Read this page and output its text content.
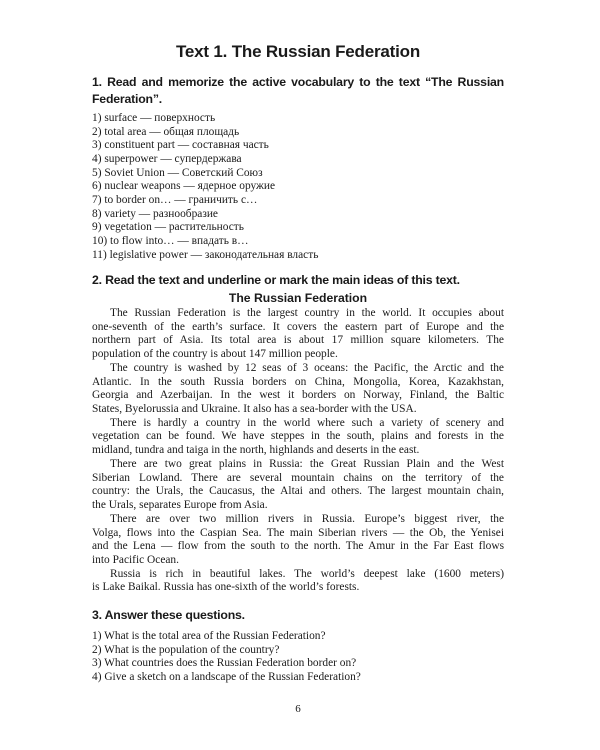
Text 1. The Russian Federation
1. Read and memorize the active vocabulary to the text “The Russian
Federation”.
1) surface — поверхность
2) total area — общая площадь
3) constituent part — составная часть
4) superpower — супердержава
5) Soviet Union — Советский Союз
6) nuclear weapons — ядерное оружие
7) to border on… — граничить с…
8) variety — разнообразие
9) vegetation — растительность
10) to flow into… — впадать в…
11) legislative power — законодательная власть
2. Read the text and underline or mark the main ideas of this text.
The Russian Federation
The Russian Federation is the largest country in the world. It occupies about
one-seventh of the earth’s surface. It covers the eastern part of Europe and the
northern part of Asia. Its total area is about 17 million square kilometers. The
population of the country is about 147 million people.
The country is washed by 12 seas of 3 oceans: the Pacific, the Arctic and the
Atlantic. In the south Russia borders on China, Mongolia, Korea, Kazakhstan,
Georgia and Azerbaijan. In the west it borders on Norway, Finland, the Baltic
States, Byelorussia and Ukraine. It also has a sea-border with the USA.
There is hardly a country in the world where such a variety of scenery and
vegetation can be found. We have steppes in the south, plains and forests in the
midland, tundra and taiga in the north, highlands and deserts in the east.
There are two great plains in Russia: the Great Russian Plain and the West
Siberian Lowland. There are several mountain chains on the territory of the
country: the Urals, the Caucasus, the Altai and others. The largest mountain chain,
the Urals, separates Europe from Asia.
There are over two million rivers in Russia. Europe’s biggest river, the
Volga, flows into the Caspian Sea. The main Siberian rivers — the Ob, the Yenisei
and the Lena — flow from the south to the north. The Amur in the Far East flows
into Pacific Ocean.
Russia is rich in beautiful lakes. The world’s deepest lake (1600 meters)
is Lake Baikal. Russia has one-sixth of the world’s forests.
3. Answer these questions.
1) What is the total area of the Russian Federation?
2) What is the population of the country?
3) What countries does the Russian Federation border on?
4) Give a sketch on a landscape of the Russian Federation?
6
